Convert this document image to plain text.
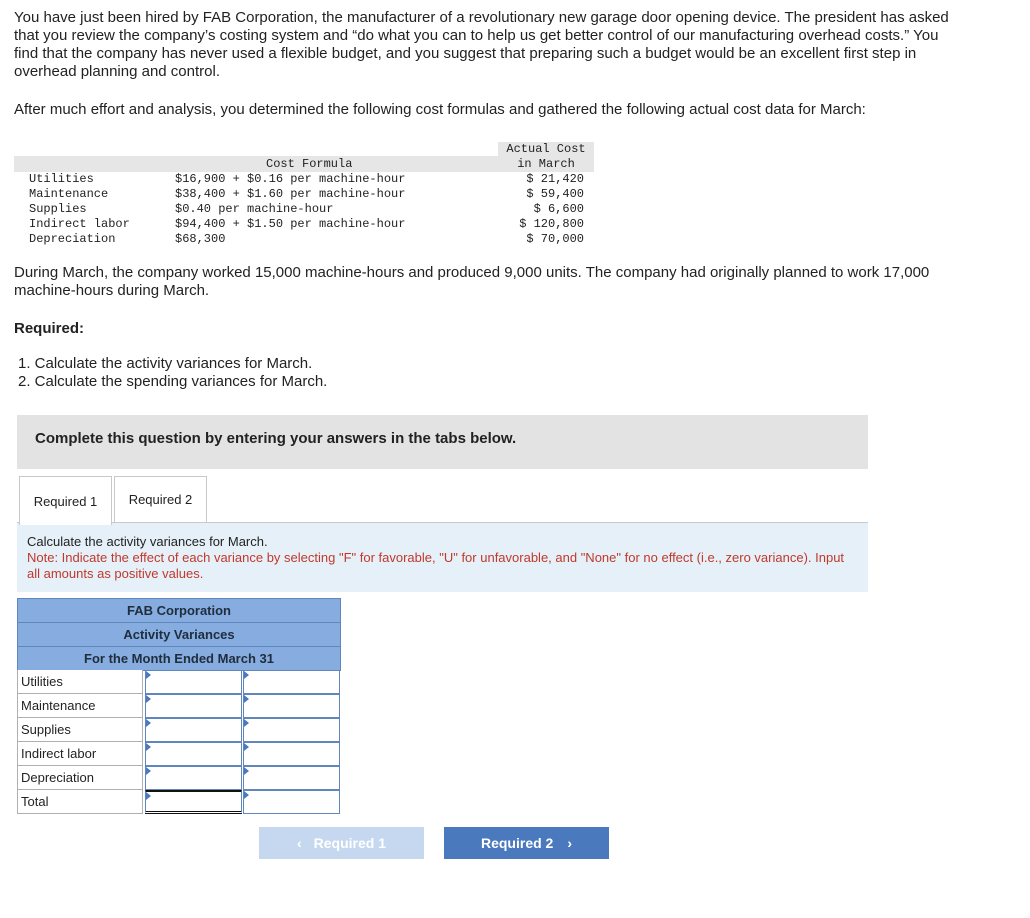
You have just been hired by FAB Corporation, the manufacturer of a revolutionary new garage door opening device. The president has asked that you review the company’s costing system and “do what you can to help us get better control of our manufacturing overhead costs.” You find that the company has never used a flexible budget, and you suggest that preparing such a budget would be an excellent first step in overhead planning and control.

After much effort and analysis, you determined the following cost formulas and gathered the following actual cost data for March:

Cost Formula
Actual Cost
in March
Utilities	$16,900 + $0.16 per machine-hour	$ 21,420
Maintenance	$38,400 + $1.60 per machine-hour	$ 59,400
Supplies	$0.40 per machine-hour	$ 6,600
Indirect labor	$94,400 + $1.50 per machine-hour	$ 120,800
Depreciation	$68,300	$ 70,000

During March, the company worked 15,000 machine-hours and produced 9,000 units. The company had originally planned to work 17,000 machine-hours during March.

Required:

1. Calculate the activity variances for March.
2. Calculate the spending variances for March.
Complete this question by entering your answers in the tabs below.
Required 1	Required 2
Calculate the activity variances for March.
Note: Indicate the effect of each variance by selecting "F" for favorable, "U" for unfavorable, and "None" for no effect (i.e., zero variance). Input all amounts as positive values.
FAB Corporation
Activity Variances
For the Month Ended March 31
Utilities
Maintenance
Supplies
Indirect labor
Depreciation
Total
‹ Required 1	Required 2 ›
